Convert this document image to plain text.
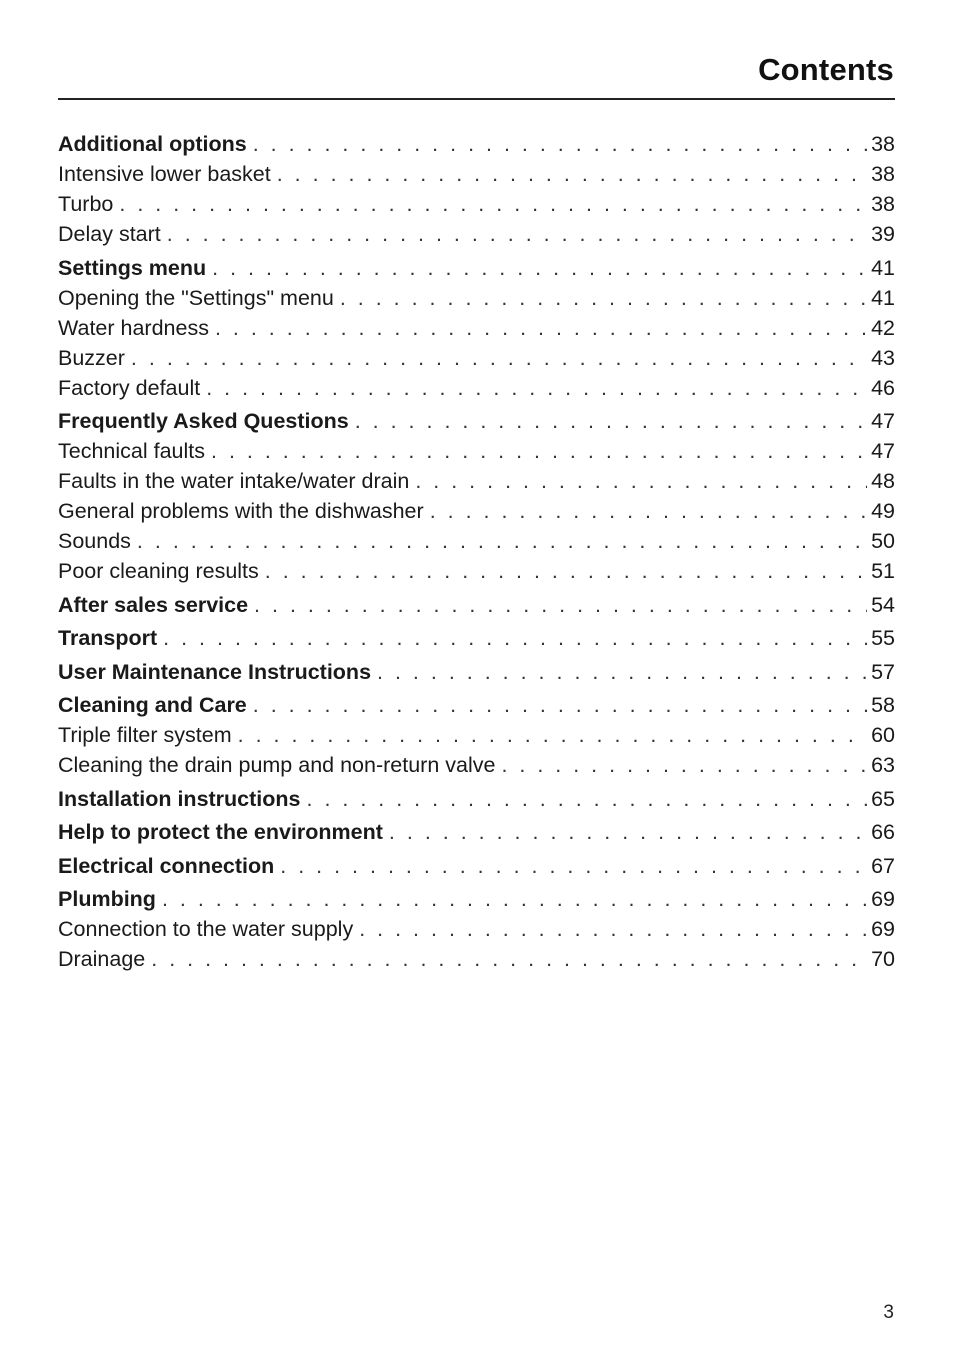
Contents
Additional options . . .	38
Intensive lower basket . . .	38
Turbo . . .	38
Delay start . . .	39
Settings menu . . .	41
Opening the "Settings" menu . . .	41
Water hardness . . .	42
Buzzer . . .	43
Factory default . . .	46
Frequently Asked Questions . . .	47
Technical faults . . .	47
Faults in the water intake/water drain . . .	48
General problems with the dishwasher . . .	49
Sounds . . .	50
Poor cleaning results . . .	51
After sales service . . .	54
Transport . . .	55
User Maintenance Instructions . . .	57
Cleaning and Care . . .	58
Triple filter system . . .	60
Cleaning the drain pump and non-return valve . . .	63
Installation instructions . . .	65
Help to protect the environment . . .	66
Electrical connection . . .	67
Plumbing . . .	69
Connection to the water supply . . .	69
Drainage . . .	70
3
